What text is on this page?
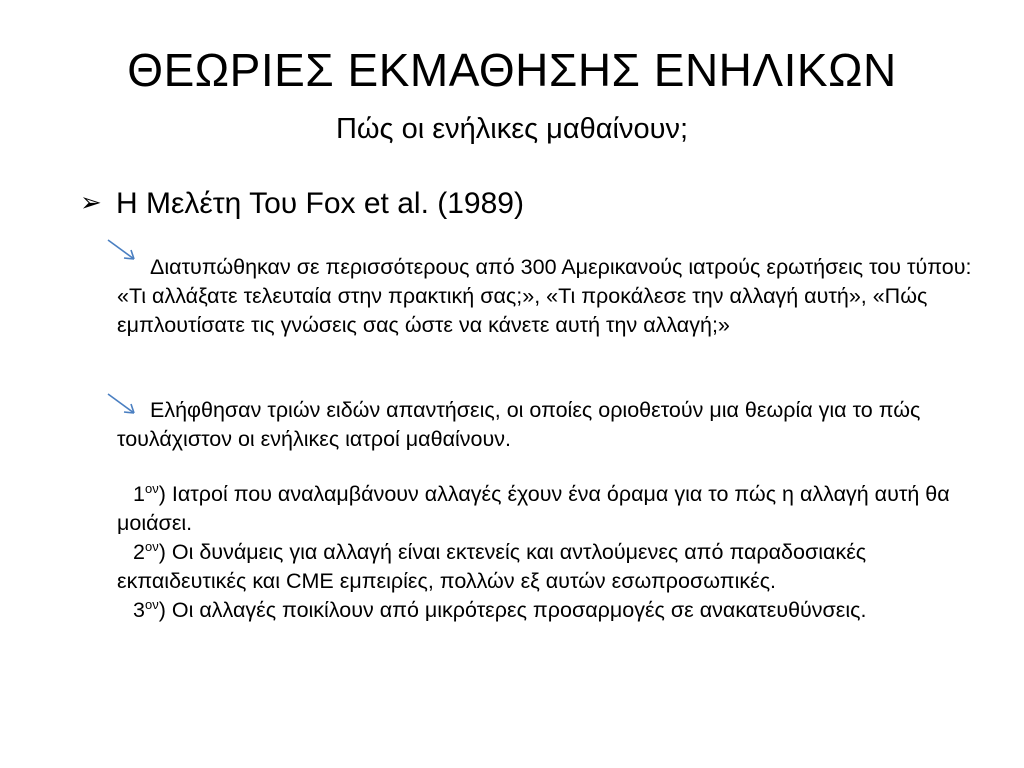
ΘΕΩΡΙΕΣ ΕΚΜΑΘΗΣΗΣ ΕΝΗΛΙΚΩΝ
Πώς οι ενήλικες μαθαίνουν;
➢ Η Μελέτη Του Fox et al. (1989)

Διατυπώθηκαν σε περισσότερους από 300 Αμερικανούς ιατρούς ερωτήσεις του τύπου: «Τι αλλάξατε τελευταία στην πρακτική σας;», «Τι προκάλεσε την αλλαγή αυτή», «Πώς εμπλουτίσατε τις γνώσεις σας ώστε να κάνετε αυτή την αλλαγή;»

Ελήφθησαν τριών ειδών απαντήσεις, οι οποίες οριοθετούν μια θεωρία για το πώς τουλάχιστον οι ενήλικες ιατροί μαθαίνουν.

$1^{o\nu}$) Ιατροί που αναλαμβάνουν αλλαγές έχουν ένα όραμα για το πώς η αλλαγή αυτή θα μοιάσει.

$2^{o\nu}$) Οι δυνάμεις για αλλαγή είναι εκτενείς και αντλούμενες από παραδοσιακές εκπαιδευτικές και CME εμπειρίες, πολλών εξ αυτών εσωπροσωπικές.

$3^{o\nu}$) Οι αλλαγές ποικίλουν από μικρότερες προσαρμογές σε ανακατευθύνσεις.
